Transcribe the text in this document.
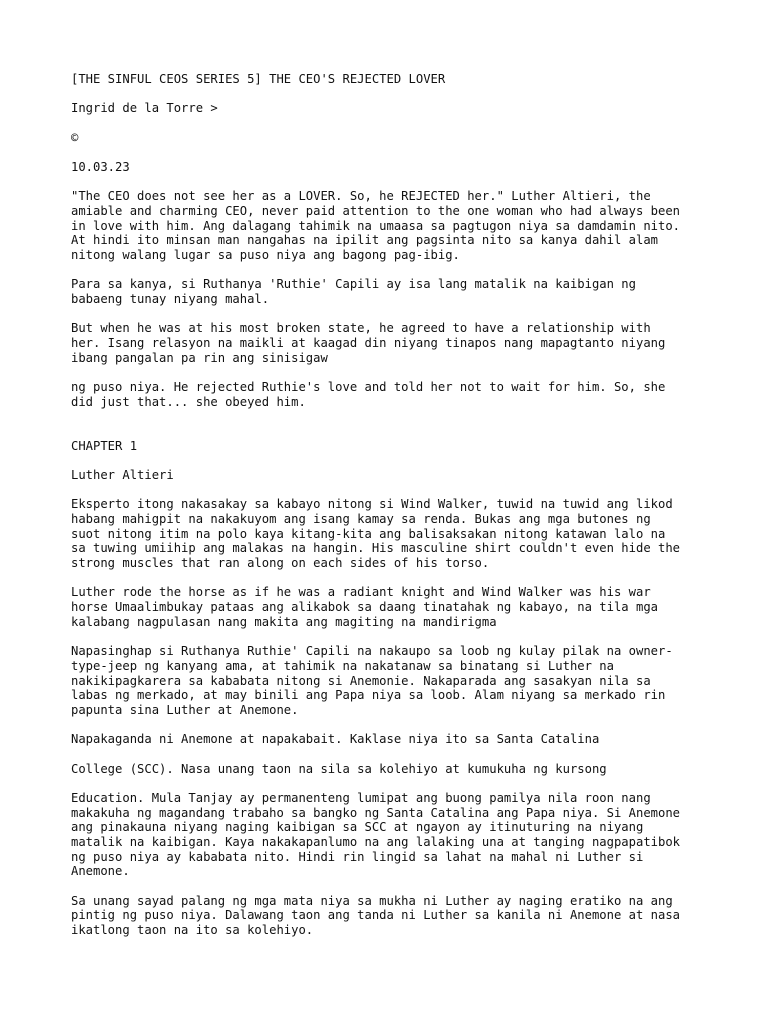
[THE SINFUL CEOS SERIES 5] THE CEO'S REJECTED LOVER

Ingrid de la Torre >

©

10.03.23

"The CEO does not see her as a LOVER. So, he REJECTED her." Luther Altieri, the
amiable and charming CEO, never paid attention to the one woman who had always been
in love with him. Ang dalagang tahimik na umaasa sa pagtugon niya sa damdamin nito.
At hindi ito minsan man nangahas na ipilit ang pagsinta nito sa kanya dahil alam
nitong walang lugar sa puso niya ang bagong pag-ibig.

Para sa kanya, si Ruthanya 'Ruthie' Capili ay isa lang matalik na kaibigan ng
babaeng tunay niyang mahal.

But when he was at his most broken state, he agreed to have a relationship with
her. Isang relasyon na maikli at kaagad din niyang tinapos nang mapagtanto niyang
ibang pangalan pa rin ang sinisigaw

ng puso niya. He rejected Ruthie's love and told her not to wait for him. So, she
did just that... she obeyed him.

CHAPTER 1

Luther Altieri

Eksperto itong nakasakay sa kabayo nitong si Wind Walker, tuwid na tuwid ang likod
habang mahigpit na nakakuyom ang isang kamay sa renda. Bukas ang mga butones ng
suot nitong itim na polo kaya kitang-kita ang balisaksakan nitong katawan lalo na
sa tuwing umiihip ang malakas na hangin. His masculine shirt couldn't even hide the
strong muscles that ran along on each sides of his torso.

Luther rode the horse as if he was a radiant knight and Wind Walker was his war
horse Umaalimbukay pataas ang alikabok sa daang tinatahak ng kabayo, na tila mga
kalabang nagpulasan nang makita ang magiting na mandirigma

Napasinghap si Ruthanya Ruthie' Capili na nakaupo sa loob ng kulay pilak na owner-
type-jeep ng kanyang ama, at tahimik na nakatanaw sa binatang si Luther na
nakikipagkarera sa kababata nitong si Anemonie. Nakaparada ang sasakyan nila sa
labas ng merkado, at may binili ang Papa niya sa loob. Alam niyang sa merkado rin
papunta sina Luther at Anemone.

Napakaganda ni Anemone at napakabait. Kaklase niya ito sa Santa Catalina

College (SCC). Nasa unang taon na sila sa kolehiyo at kumukuha ng kursong

Education. Mula Tanjay ay permanenteng lumipat ang buong pamilya nila roon nang
makakuha ng magandang trabaho sa bangko ng Santa Catalina ang Papa niya. Si Anemone
ang pinakauna niyang naging kaibigan sa SCC at ngayon ay itinuturing na niyang
matalik na kaibigan. Kaya nakakapanlumo na ang lalaking una at tanging nagpapatibok
ng puso niya ay kababata nito. Hindi rin lingid sa lahat na mahal ni Luther si
Anemone.

Sa unang sayad palang ng mga mata niya sa mukha ni Luther ay naging eratiko na ang
pintig ng puso niya. Dalawang taon ang tanda ni Luther sa kanila ni Anemone at nasa
ikatlong taon na ito sa kolehiyo.
